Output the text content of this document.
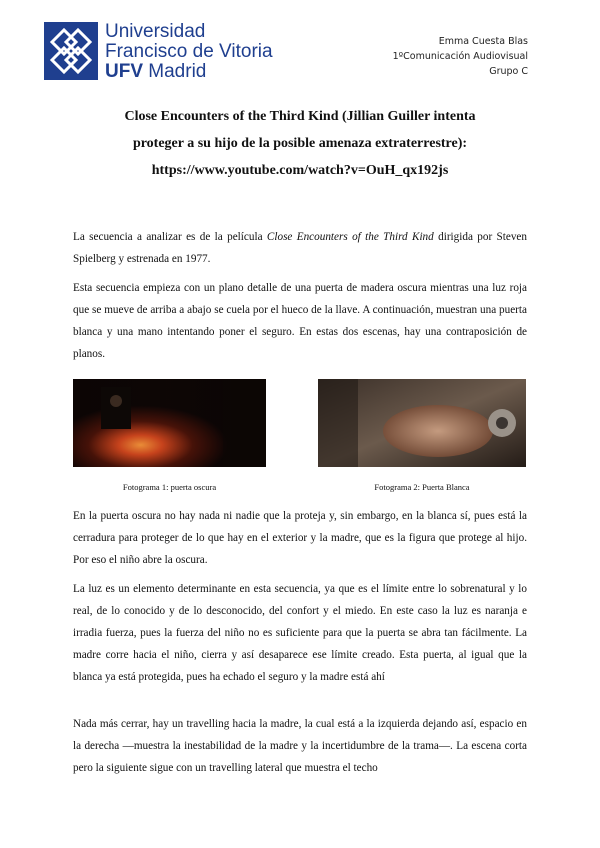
Universidad
Francisco de Vitoria
UFV Madrid
Emma Cuesta Blas
1ºComunicación Audiovisual
Grupo C
Close Encounters of the Third Kind (Jillian Guiller intenta
proteger a su hijo de la posible amenaza extraterrestre):
https://www.youtube.com/watch?v=OuH_qx192js
La secuencia a analizar es de la película Close Encounters of the Third Kind dirigida por Steven Spielberg y estrenada en 1977.
Esta secuencia empieza con un plano detalle de una puerta de madera oscura mientras una luz roja que se mueve de arriba a abajo se cuela por el hueco de la llave. A continuación, muestran una puerta blanca y una mano intentando poner el seguro. En estas dos escenas, hay una contraposición de planos.
Fotograma 1: puerta oscura	Fotograma 2: Puerta Blanca
En la puerta oscura no hay nada ni nadie que la proteja y, sin embargo, en la blanca sí, pues está la cerradura para proteger de lo que hay en el exterior y la madre, que es la figura que protege al hijo. Por eso el niño abre la oscura.
La luz es un elemento determinante en esta secuencia, ya que es el límite entre lo sobrenatural y lo real, de lo conocido y de lo desconocido, del confort y el miedo. En este caso la luz es naranja e irradia fuerza, pues la fuerza del niño no es suficiente para que la puerta se abra tan fácilmente. La madre corre hacia el niño, cierra y así desaparece ese límite creado. Esta puerta, al igual que la blanca ya está protegida, pues ha echado el seguro y la madre está ahí
Nada más cerrar, hay un travelling hacia la madre, la cual está a la izquierda dejando así, espacio en la derecha —muestra la inestabilidad de la madre y la incertidumbre de la trama—. La escena corta pero la siguiente sigue con un travelling lateral que muestra el techo
